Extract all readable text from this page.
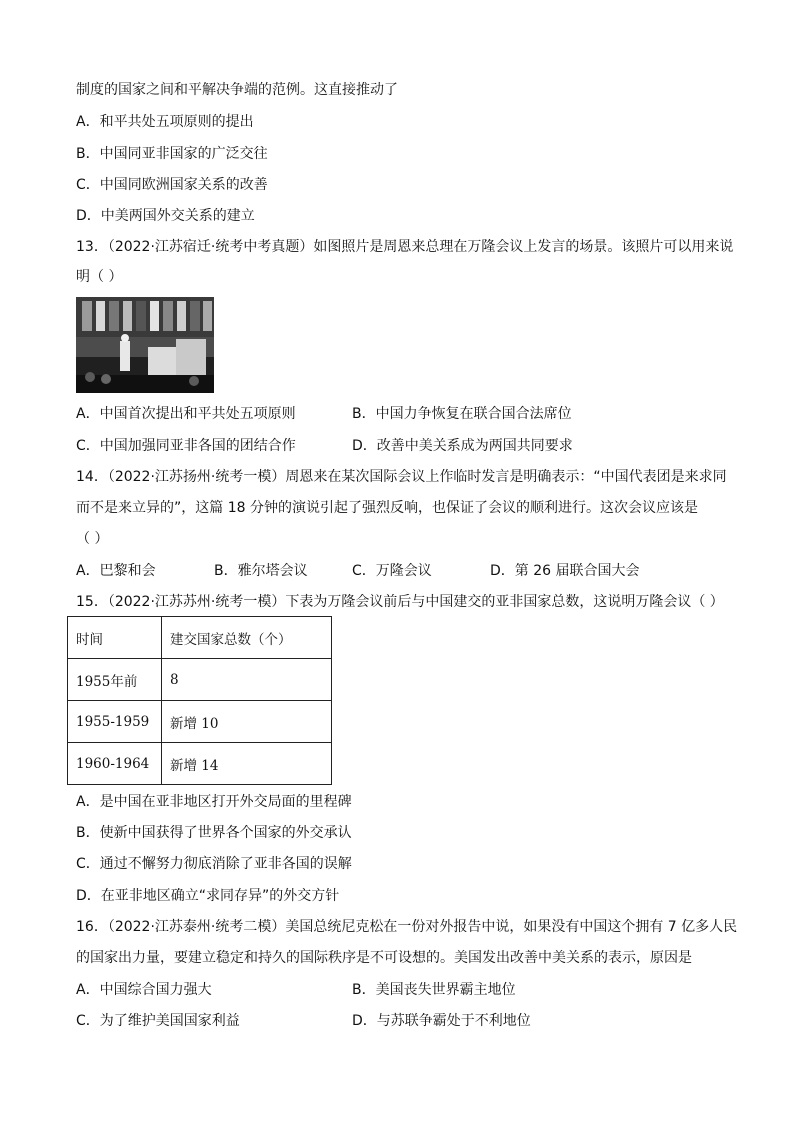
制度的国家之间和平解决争端的范例。这直接推动了
A．和平共处五项原则的提出
B．中国同亚非国家的广泛交往
C．中国同欧洲国家关系的改善
D．中美两国外交关系的建立
13．（2022·江苏宿迁·统考中考真题）如图照片是周恩来总理在万隆会议上发言的场景。该照片可以用来说
明（ ）
A．中国首次提出和平共处五项原则	B．中国力争恢复在联合国合法席位
C．中国加强同亚非各国的团结合作	D．改善中美关系成为两国共同要求
14．（2022·江苏扬州·统考一模）周恩来在某次国际会议上作临时发言是明确表示：“中国代表团是来求同
而不是来立异的”，这篇 18 分钟的演说引起了强烈反响，也保证了会议的顺利进行。这次会议应该是
（ ）
A．巴黎和会	B．雅尔塔会议	C．万隆会议	D．第 26 届联合国大会
15．（2022·江苏苏州·统考一模）下表为万隆会议前后与中国建交的亚非国家总数，这说明万隆会议（ ）
时间	建交国家总数（个）
1955年前	8
1955-1959	新增 10
1960-1964	新增 14
A．是中国在亚非地区打开外交局面的里程碑
B．使新中国获得了世界各个国家的外交承认
C．通过不懈努力彻底消除了亚非各国的误解
D．在亚非地区确立“求同存异”的外交方针
16．（2022·江苏泰州·统考二模）美国总统尼克松在一份对外报告中说，如果没有中国这个拥有 7 亿多人民
的国家出力量，要建立稳定和持久的国际秩序是不可设想的。美国发出改善中美关系的表示，原因是
A．中国综合国力强大	B．美国丧失世界霸主地位
C．为了维护美国国家利益	D．与苏联争霸处于不利地位
